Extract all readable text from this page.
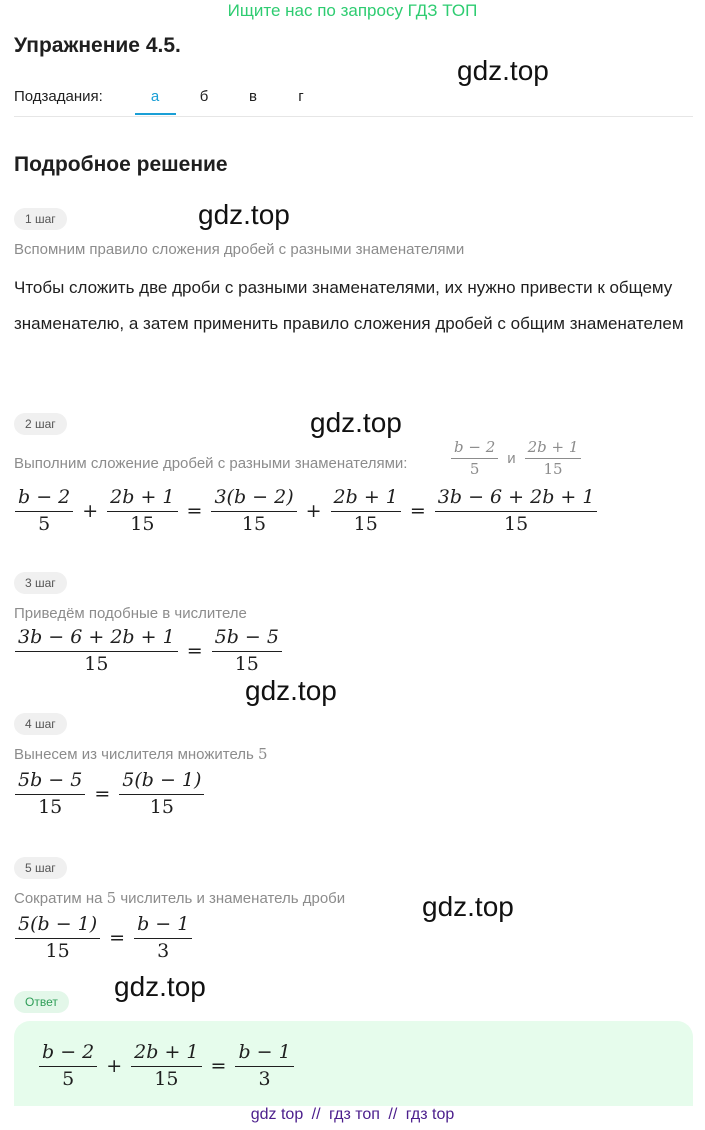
Ищите нас по запросу ГДЗ ТОП
Упражнение 4.5.
gdz.top
Подзадания:	а	б	в	г
Подробное решение
1 шаг	gdz.top
Вспомним правило сложения дробей с разными знаменателями
Чтобы сложить две дроби с разными знаменателями, их нужно привести к общему знаменателю, а затем применить правило сложения дробей с общим знаменателем
2 шаг	gdz.top
Выполним сложение дробей с разными знаменателями:	$\frac{b - 2}{5}$ и $\frac{2b + 1}{15}$
$\frac{b - 2}{5} + \frac{2b + 1}{15} = \frac{3(b - 2)}{15} + \frac{2b + 1}{15} = \frac{3b - 6 + 2b + 1}{15}$
3 шаг
Приведём подобные в числителе
$\frac{3b - 6 + 2b + 1}{15} = \frac{5b - 5}{15}$
gdz.top
4 шаг
Вынесем из числителя множитель 5
$\frac{5b - 5}{15} = \frac{5(b - 1)}{15}$
5 шаг
Сократим на 5 числитель и знаменатель дроби
$\frac{5(b - 1)}{15} = \frac{b - 1}{3}$
gdz.top
Ответ	gdz.top
$\frac{b - 2}{5} + \frac{2b + 1}{15} = \frac{b - 1}{3}$
gdz top // гдз топ // гдз top
